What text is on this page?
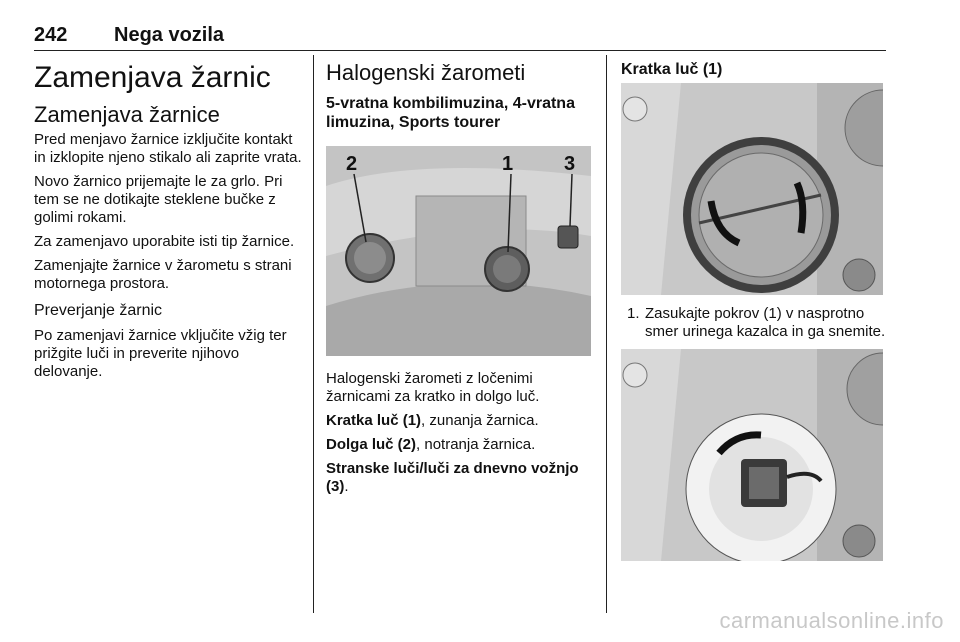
242 Nega vozila
Zamenjava žarnic
Zamenjava žarnice

Pred menjavo žarnice izključite kontakt in izklopite njeno stikalo ali zaprite vrata.

Novo žarnico prijemajte le za grlo. Pri tem se ne dotikajte steklene bučke z golimi rokami.

Za zamenjavo uporabite isti tip žarnice.

Zamenjajte žarnice v žarometu s strani motornega prostora.

Preverjanje žarnic

Po zamenjavi žarnice vključite vžig ter prižgite luči in preverite njihovo delovanje.

Halogenski žarometi
5-vratna kombilimuzina, 4-vratna limuzina, Sports tourer
2	1	3

Halogenski žarometi z ločenimi žarnicami za kratko in dolgo luč.

Kratka luč (1), zunanja žarnica.

Dolga luč (2), notranja žarnica.

Stranske luči/luči za dnevno vožnjo (3).

Kratka luč (1)
1. Zasukajte pokrov (1) v nasprotno smer urinega kazalca in ga snemite.
carmanualsonline.info
